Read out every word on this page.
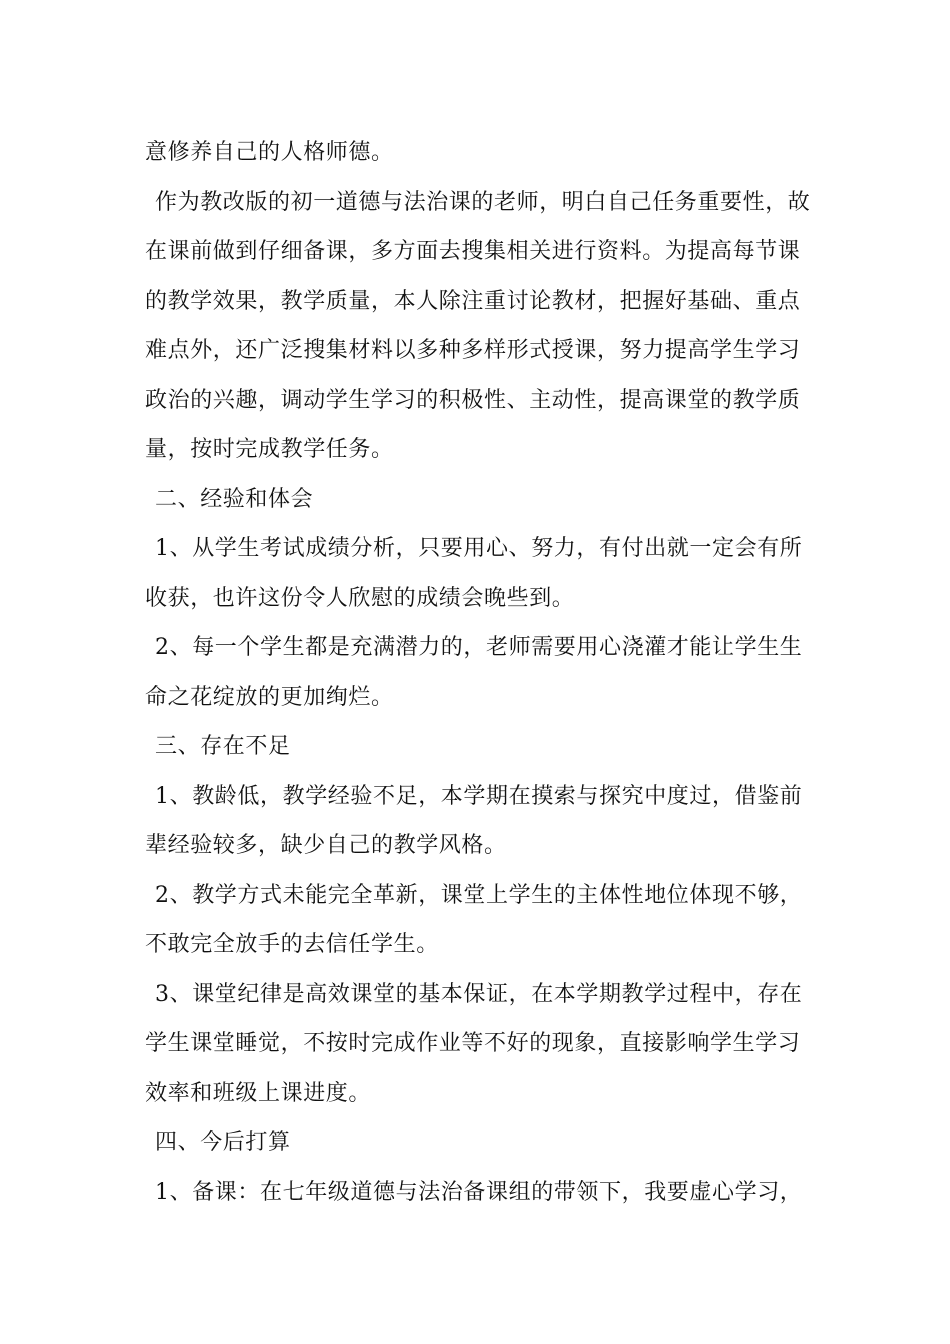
意修养自己的人格师德。
作为教改版的初一道德与法治课的老师，明白自己任务重要性，故
在课前做到仔细备课，多方面去搜集相关进行资料。为提高每节课
的教学效果，教学质量，本人除注重讨论教材，把握好基础、重点
难点外，还广泛搜集材料以多种多样形式授课，努力提高学生学习
政治的兴趣，调动学生学习的积极性、主动性，提高课堂的教学质
量，按时完成教学任务。
二、经验和体会
1、从学生考试成绩分析，只要用心、努力，有付出就一定会有所
收获，也许这份令人欣慰的成绩会晚些到。
2、每一个学生都是充满潜力的，老师需要用心浇灌才能让学生生
命之花绽放的更加绚烂。
三、存在不足
1、教龄低，教学经验不足，本学期在摸索与探究中度过，借鉴前
辈经验较多，缺少自己的教学风格。
2、教学方式未能完全革新，课堂上学生的主体性地位体现不够，
不敢完全放手的去信任学生。
3、课堂纪律是高效课堂的基本保证，在本学期教学过程中，存在
学生课堂睡觉，不按时完成作业等不好的现象，直接影响学生学习
效率和班级上课进度。
四、今后打算
1、备课：在七年级道德与法治备课组的带领下，我要虚心学习，
